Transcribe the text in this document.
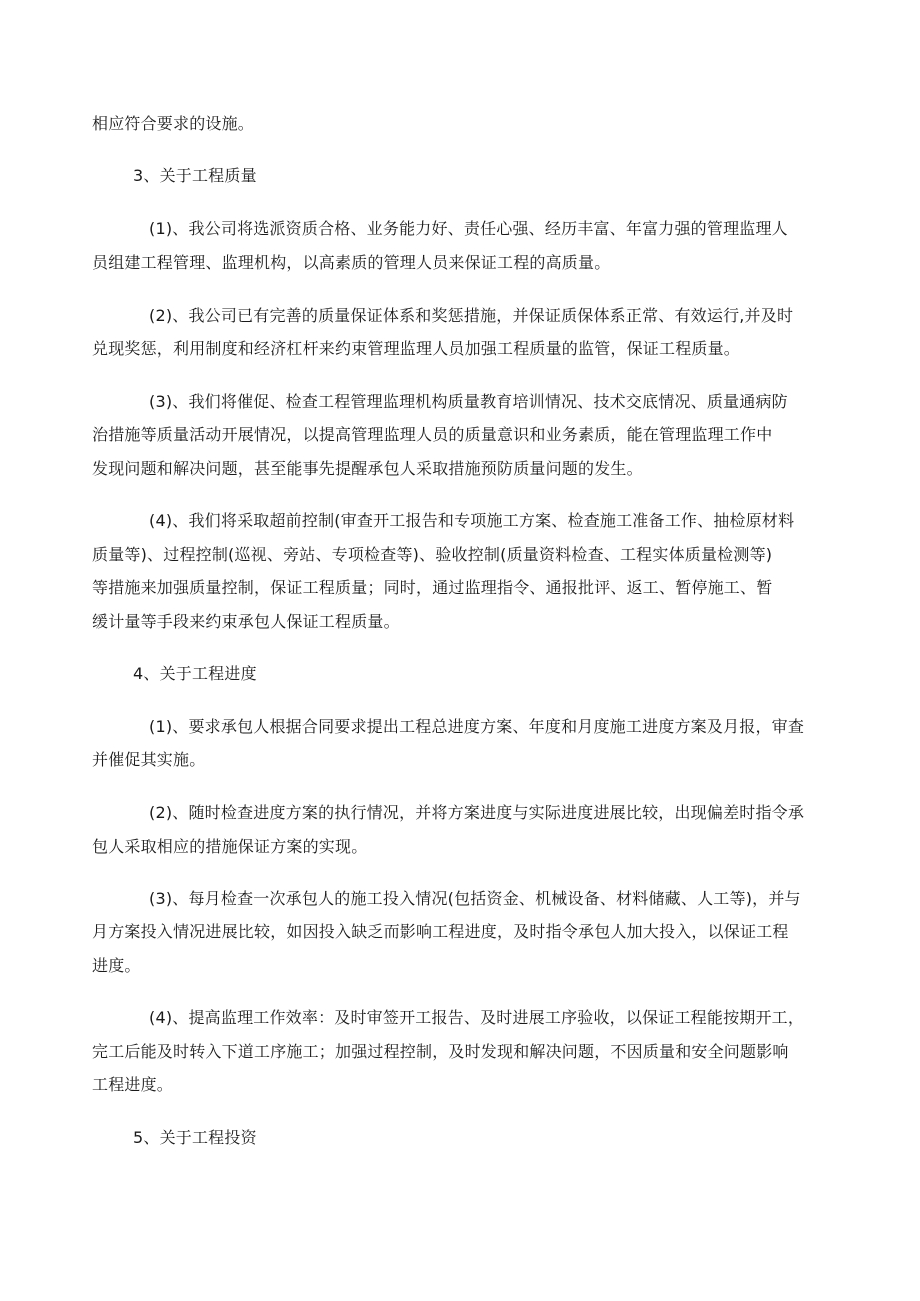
相应符合要求的设施。
3、关于工程质量
(1)、我公司将选派资质合格、业务能力好、责任心强、经历丰富、年富力强的管理监理人
员组建工程管理、监理机构，以高素质的管理人员来保证工程的高质量。
(2)、我公司已有完善的质量保证体系和奖惩措施，并保证质保体系正常、有效运行,并及时
兑现奖惩，利用制度和经济杠杆来约束管理监理人员加强工程质量的监管，保证工程质量。
(3)、我们将催促、检查工程管理监理机构质量教育培训情况、技术交底情况、质量通病防
治措施等质量活动开展情况，以提高管理监理人员的质量意识和业务素质，能在管理监理工作中
发现问题和解决问题，甚至能事先提醒承包人采取措施预防质量问题的发生。
(4)、我们将采取超前控制(审查开工报告和专项施工方案、检查施工准备工作、抽检原材料
质量等)、过程控制(巡视、旁站、专项检查等)、验收控制(质量资料检查、工程实体质量检测等)
等措施来加强质量控制，保证工程质量；同时，通过监理指令、通报批评、返工、暂停施工、暂
缓计量等手段来约束承包人保证工程质量。
4、关于工程进度
(1)、要求承包人根据合同要求提出工程总进度方案、年度和月度施工进度方案及月报，审查
并催促其实施。
(2)、随时检查进度方案的执行情况，并将方案进度与实际进度进展比较，出现偏差时指令承
包人采取相应的措施保证方案的实现。
(3)、每月检查一次承包人的施工投入情况(包括资金、机械设备、材料储藏、人工等)，并与
月方案投入情况进展比较，如因投入缺乏而影响工程进度，及时指令承包人加大投入，以保证工程
进度。
(4)、提高监理工作效率：及时审签开工报告、及时进展工序验收，以保证工程能按期开工，
完工后能及时转入下道工序施工；加强过程控制，及时发现和解决问题，不因质量和安全问题影响
工程进度。
5、关于工程投资
